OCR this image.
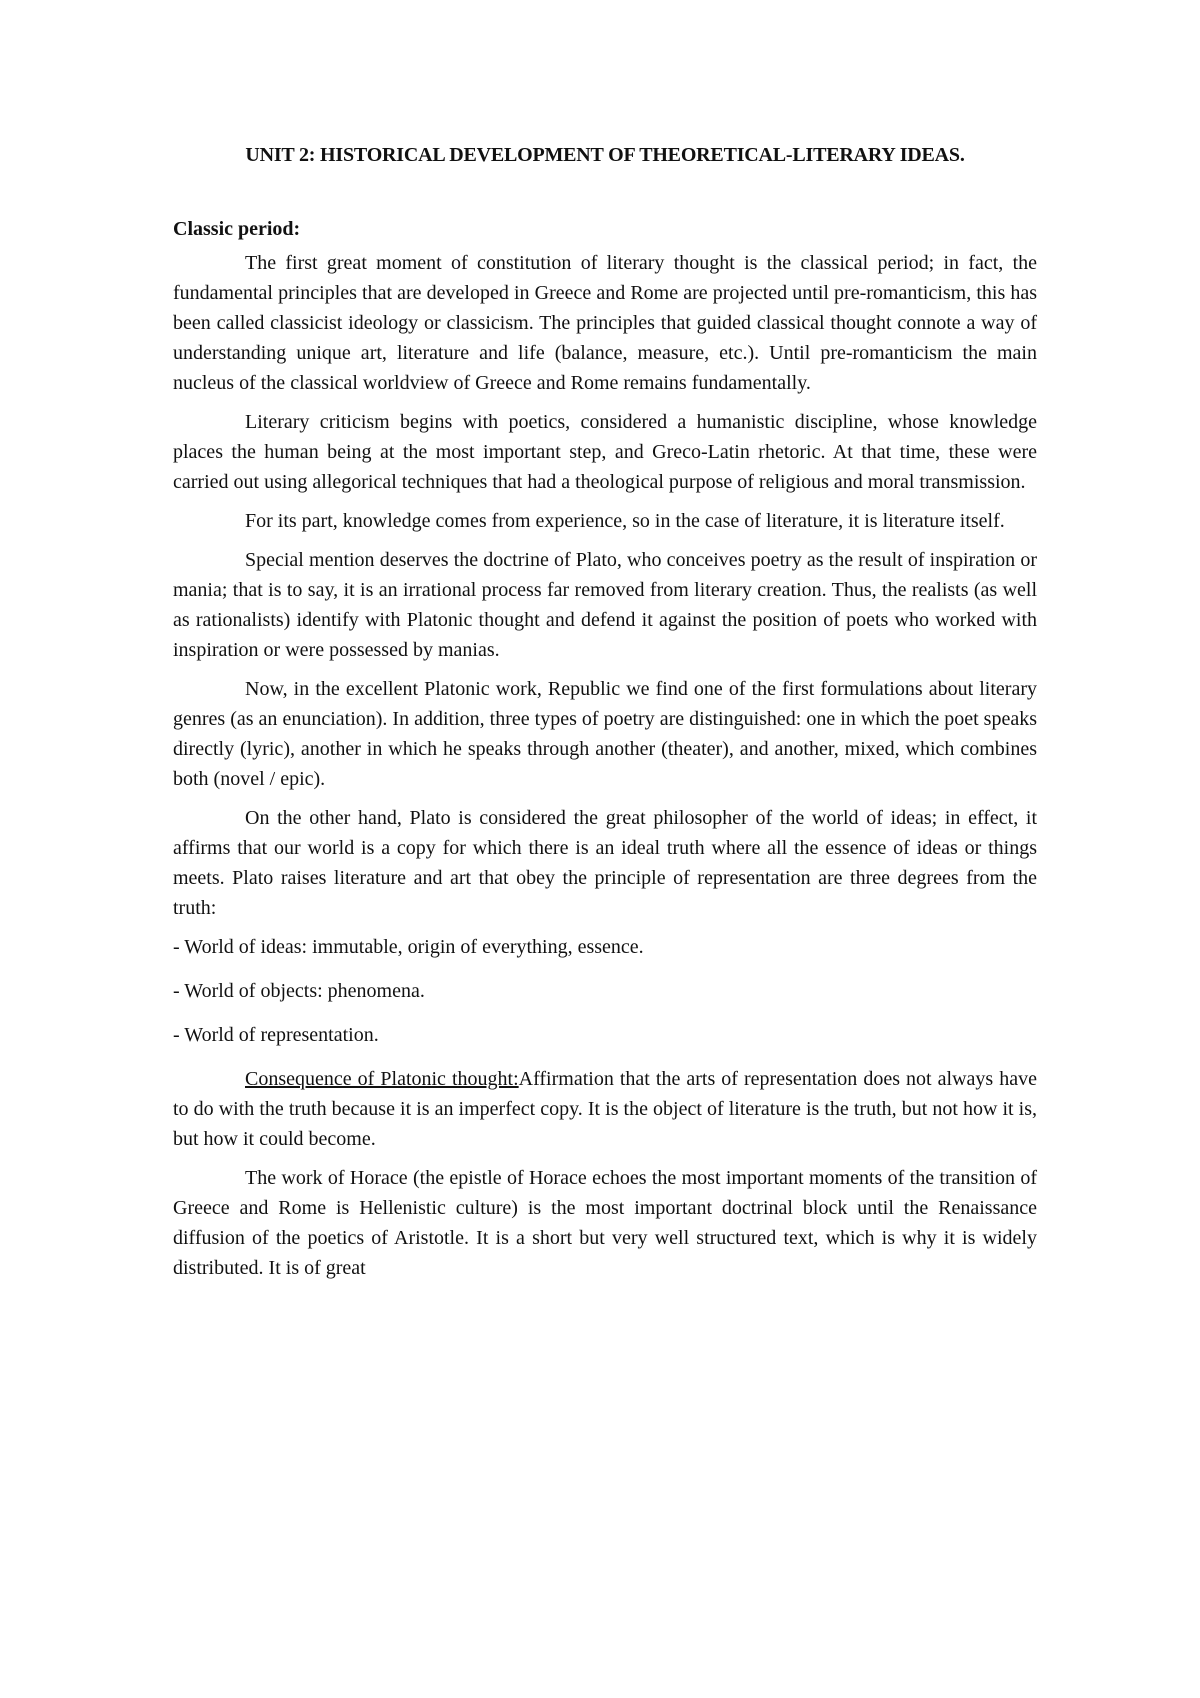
UNIT 2: HISTORICAL DEVELOPMENT OF THEORETICAL-LITERARY IDEAS.

Classic period:

The first great moment of constitution of literary thought is the classical period; in fact, the fundamental principles that are developed in Greece and Rome are projected until pre-romanticism, this has been called classicist ideology or classicism. The principles that guided classical thought connote a way of understanding unique art, literature and life (balance, measure, etc.). Until pre-romanticism the main nucleus of the classical worldview of Greece and Rome remains fundamentally.

Literary criticism begins with poetics, considered a humanistic discipline, whose knowledge places the human being at the most important step, and Greco-Latin rhetoric. At that time, these were carried out using allegorical techniques that had a theological purpose of religious and moral transmission.

For its part, knowledge comes from experience, so in the case of literature, it is literature itself.

Special mention deserves the doctrine of Plato, who conceives poetry as the result of inspiration or mania; that is to say, it is an irrational process far removed from literary creation. Thus, the realists (as well as rationalists) identify with Platonic thought and defend it against the position of poets who worked with inspiration or were possessed by manias.

Now, in the excellent Platonic work, Republic we find one of the first formulations about literary genres (as an enunciation). In addition, three types of poetry are distinguished: one in which the poet speaks directly (lyric), another in which he speaks through another (theater), and another, mixed, which combines both (novel / epic).

On the other hand, Plato is considered the great philosopher of the world of ideas; in effect, it affirms that our world is a copy for which there is an ideal truth where all the essence of ideas or things meets. Plato raises literature and art that obey the principle of representation are three degrees from the truth:

- World of ideas: immutable, origin of everything, essence.

- World of objects: phenomena.

- World of representation.

Consequence of Platonic thought:Affirmation that the arts of representation does not always have to do with the truth because it is an imperfect copy. It is the object of literature is the truth, but not how it is, but how it could become.

The work of Horace (the epistle of Horace echoes the most important moments of the transition of Greece and Rome is Hellenistic culture) is the most important doctrinal block until the Renaissance diffusion of the poetics of Aristotle. It is a short but very well structured text, which is why it is widely distributed. It is of great
